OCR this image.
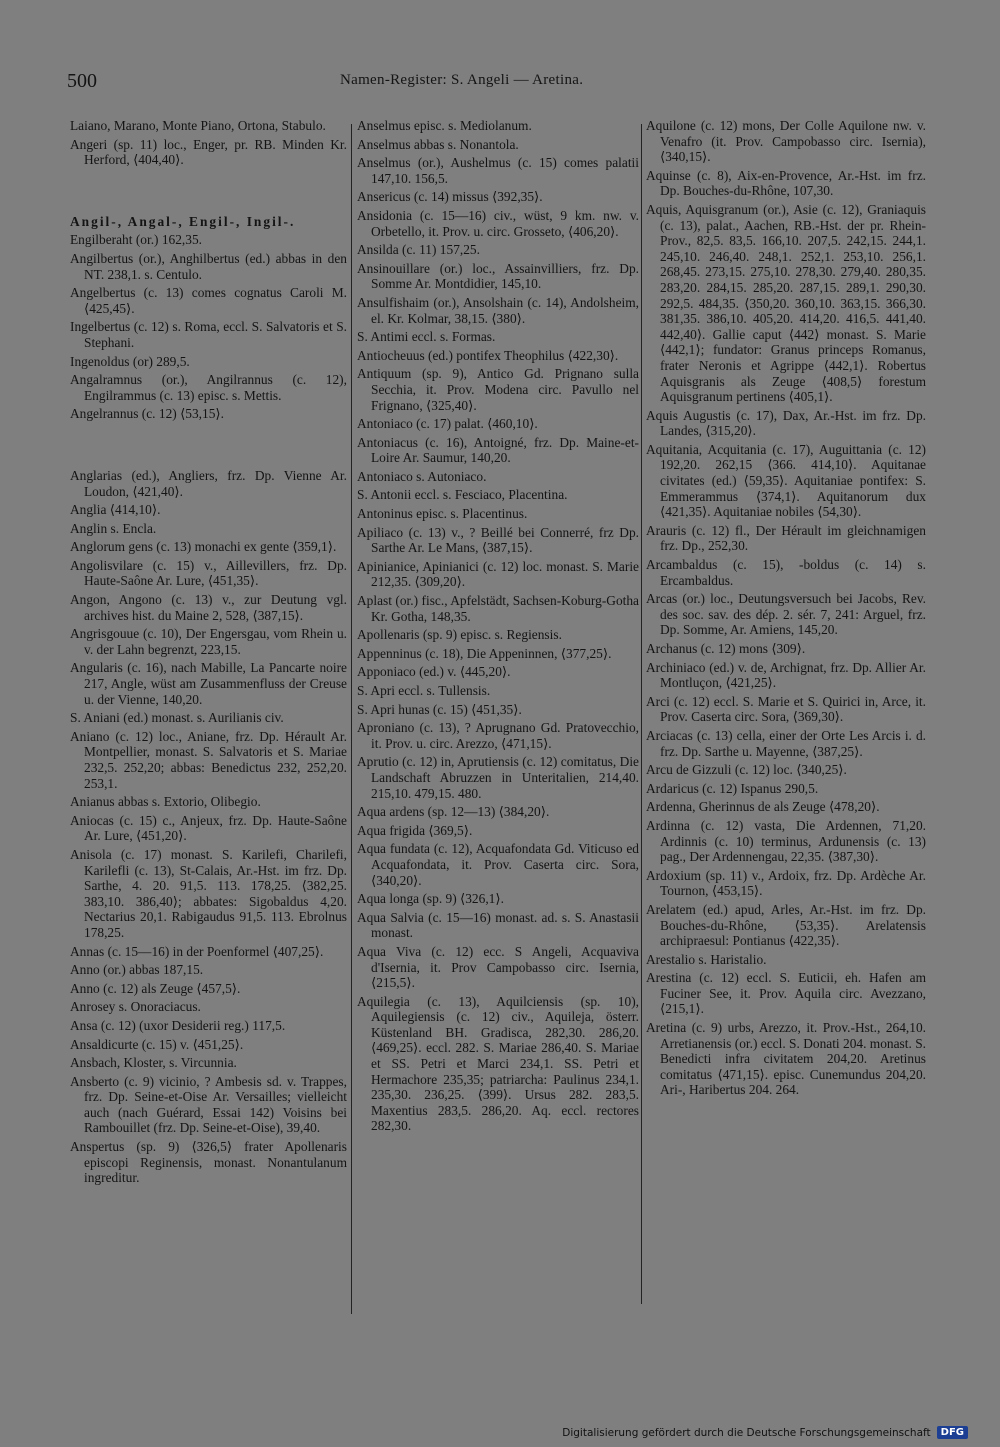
500	Namen-Register: S. Angeli — Aretina.

Laiano, Marano, Monte Piano, Ortona, Stabulo.

Angeri (sp. 11) loc., Enger, pr. RB. Minden Kr. Herford, ⟨404,40⟩.

Angil-, Angal-, Engil-, Ingil-.

Engilberaht (or.) 162,35.

Angilbertus (or.), Anghilbertus (ed.) abbas in den NT. 238,1. s. Centulo.

Angelbertus (c. 13) comes cognatus Caroli M. ⟨425,45⟩.

Ingelbertus (c. 12) s. Roma, eccl. S. Salvatoris et S. Stephani.

Ingenoldus (or) 289,5.

Angalramnus (or.), Angilrannus (c. 12), Engilrammus (c. 13) episc. s. Mettis.

Angelrannus (c. 12) ⟨53,15⟩.

Anglarias (ed.), Angliers, frz. Dp. Vienne Ar. Loudon, ⟨421,40⟩.

Anglia ⟨414,10⟩.

Anglin s. Encla.

Anglorum gens (c. 13) monachi ex gente ⟨359,1⟩.

Angolisvilare (c. 15) v., Aillevillers, frz. Dp. Haute-Saône Ar. Lure, ⟨451,35⟩.

Angon, Angono (c. 13) v., zur Deutung vgl. archives hist. du Maine 2, 528, ⟨387,15⟩.

Angrisgouue (c. 10), Der Engersgau, vom Rhein u. v. der Lahn begrenzt, 223,15.

Angularis (c. 16), nach Mabille, La Pancarte noire 217, Angle, wüst am Zusammenfluss der Creuse u. der Vienne, 140,20.

S. Aniani (ed.) monast. s. Aurilianis civ.

Aniano (c. 12) loc., Aniane, frz. Dp. Hérault Ar. Montpellier, monast. S. Salvatoris et S. Mariae 232,5. 252,20; abbas: Benedictus 232, 252,20. 253,1.

Anianus abbas s. Extorio, Olibegio.

Aniocas (c. 15) c., Anjeux, frz. Dp. Haute-Saône Ar. Lure, ⟨451,20⟩.

Anisola (c. 17) monast. S. Karilefi, Charilefi, Karilefli (c. 13), St-Calais, Ar.-Hst. im frz. Dp. Sarthe, 4. 20. 91,5. 113. 178,25. ⟨382,25. 383,10. 386,40⟩; abbates: Sigobaldus 4,20. Nectarius 20,1. Rabigaudus 91,5. 113. Ebrolnus 178,25.

Annas (c. 15—16) in der Poenformel ⟨407,25⟩.

Anno (or.) abbas 187,15.

Anno (c. 12) als Zeuge ⟨457,5⟩.

Anrosey s. Onoraciacus.

Ansa (c. 12) (uxor Desiderii reg.) 117,5.

Ansaldicurte (c. 15) v. ⟨451,25⟩.

Ansbach, Kloster, s. Vircunnia.

Ansberto (c. 9) vicinio, ? Ambesis sd. v. Trappes, frz. Dp. Seine-et-Oise Ar. Versailles; vielleicht auch (nach Guérard, Essai 142) Voisins bei Rambouillet (frz. Dp. Seine-et-Oise), 39,40.

Anspertus (sp. 9) ⟨326,5⟩ frater Apollenaris episcopi Reginensis, monast. Nonantulanum ingreditur.

Anselmus episc. s. Mediolanum.

Anselmus abbas s. Nonantola.

Anselmus (or.), Aushelmus (c. 15) comes palatii 147,10. 156,5.

Ansericus (c. 14) missus ⟨392,35⟩.

Ansidonia (c. 15—16) civ., wüst, 9 km. nw. v. Orbetello, it. Prov. u. circ. Grosseto, ⟨406,20⟩.

Ansilda (c. 11) 157,25.

Ansinouillare (or.) loc., Assainvilliers, frz. Dp. Somme Ar. Montdidier, 145,10.

Ansulfishaim (or.), Ansolshain (c. 14), Andolsheim, el. Kr. Kolmar, 38,15. ⟨380⟩.

S. Antimi eccl. s. Formas.

Antiocheuus (ed.) pontifex Theophilus ⟨422,30⟩.

Antiquum (sp. 9), Antico Gd. Prignano sulla Secchia, it. Prov. Modena circ. Pavullo nel Frignano, ⟨325,40⟩.

Antoniaco (c. 17) palat. ⟨460,10⟩.

Antoniacus (c. 16), Antoigné, frz. Dp. Maine-et-Loire Ar. Saumur, 140,20.

Antoniaco s. Autoniaco.

S. Antonii eccl. s. Fesciaco, Placentina.

Antoninus episc. s. Placentinus.

Apiliaco (c. 13) v., ? Beillé bei Connerré, frz Dp. Sarthe Ar. Le Mans, ⟨387,15⟩.

Apinianice, Apinianici (c. 12) loc. monast. S. Marie 212,35. ⟨309,20⟩.

Aplast (or.) fisc., Apfelstädt, Sachsen-Koburg-Gotha Kr. Gotha, 148,35.

Apollenaris (sp. 9) episc. s. Regiensis.

Appenninus (c. 18), Die Appeninnen, ⟨377,25⟩.

Apponiaco (ed.) v. ⟨445,20⟩.

S. Apri eccl. s. Tullensis.

S. Apri hunas (c. 15) ⟨451,35⟩.

Aproniano (c. 13), ? Aprugnano Gd. Pratovecchio, it. Prov. u. circ. Arezzo, ⟨471,15⟩.

Aprutio (c. 12) in, Aprutiensis (c. 12) comitatus, Die Landschaft Abruzzen in Unteritalien, 214,40. 215,10. 479,15. 480.

Aqua ardens (sp. 12—13) ⟨384,20⟩.

Aqua frigida ⟨369,5⟩.

Aqua fundata (c. 12), Acquafondata Gd. Viticuso ed Acquafondata, it. Prov. Caserta circ. Sora, ⟨340,20⟩.

Aqua longa (sp. 9) ⟨326,1⟩.

Aqua Salvia (c. 15—16) monast. ad. s. S. Anastasii monast.

Aqua Viva (c. 12) ecc. S Angeli, Acquaviva d'Isernia, it. Prov Campobasso circ. Isernia, ⟨215,5⟩.

Aquilegia (c. 13), Aquilciensis (sp. 10), Aquilegiensis (c. 12) civ., Aquileja, österr. Küstenland BH. Gradisca, 282,30. 286,20. ⟨469,25⟩. eccl. 282. S. Mariae 286,40. S. Mariae et SS. Petri et Marci 234,1. SS. Petri et Hermachore 235,35; patriarcha: Paulinus 234,1. 235,30. 236,25. ⟨399⟩. Ursus 282. 283,5. Maxentius 283,5. 286,20. Aq. eccl. rectores 282,30.

Aquilone (c. 12) mons, Der Colle Aquilone nw. v. Venafro (it. Prov. Campobasso circ. Isernia), ⟨340,15⟩.

Aquinse (c. 8), Aix-en-Provence, Ar.-Hst. im frz. Dp. Bouches-du-Rhône, 107,30.

Aquis, Aquisgranum (or.), Asie (c. 12), Graniaquis (c. 13), palat., Aachen, RB.-Hst. der pr. Rhein-Prov., 82,5. 83,5. 166,10. 207,5. 242,15. 244,1. 245,10. 246,40. 248,1. 252,1. 253,10. 256,1. 268,45. 273,15. 275,10. 278,30. 279,40. 280,35. 283,20. 284,15. 285,20. 287,15. 289,1. 290,30. 292,5. 484,35. ⟨350,20. 360,10. 363,15. 366,30. 381,35. 386,10. 405,20. 414,20. 416,5. 441,40. 442,40⟩. Gallie caput ⟨442⟩ monast. S. Marie ⟨442,1⟩; fundator: Granus princeps Romanus, frater Neronis et Agrippe ⟨442,1⟩. Robertus Aquisgranis als Zeuge ⟨408,5⟩ forestum Aquisgranum pertinens ⟨405,1⟩.

Aquis Augustis (c. 17), Dax, Ar.-Hst. im frz. Dp. Landes, ⟨315,20⟩.

Aquitania, Acquitania (c. 17), Auguittania (c. 12) 192,20. 262,15 ⟨366. 414,10⟩. Aquitanae civitates (ed.) ⟨59,35⟩. Aquitaniae pontifex: S. Emmerammus ⟨374,1⟩. Aquitanorum dux ⟨421,35⟩. Aquitaniae nobiles ⟨54,30⟩.

Arauris (c. 12) fl., Der Hérault im gleichnamigen frz. Dp., 252,30.

Arcambaldus (c. 15), -boldus (c. 14) s. Ercambaldus.

Arcas (or.) loc., Deutungsversuch bei Jacobs, Rev. des soc. sav. des dép. 2. sér. 7, 241: Arguel, frz. Dp. Somme, Ar. Amiens, 145,20.

Archanus (c. 12) mons ⟨309⟩.

Archiniaco (ed.) v. de, Archignat, frz. Dp. Allier Ar. Montluçon, ⟨421,25⟩.

Arci (c. 12) eccl. S. Marie et S. Quirici in, Arce, it. Prov. Caserta circ. Sora, ⟨369,30⟩.

Arciacas (c. 13) cella, einer der Orte Les Arcis i. d. frz. Dp. Sarthe u. Mayenne, ⟨387,25⟩.

Arcu de Gizzuli (c. 12) loc. ⟨340,25⟩.

Ardaricus (c. 12) Ispanus 290,5.

Ardenna, Gherinnus de als Zeuge ⟨478,20⟩.

Ardinna (c. 12) vasta, Die Ardennen, 71,20. Ardinnis (c. 10) terminus, Ardunensis (c. 13) pag., Der Ardennengau, 22,35. ⟨387,30⟩.

Ardoxium (sp. 11) v., Ardoix, frz. Dp. Ardèche Ar. Tournon, ⟨453,15⟩.

Arelatem (ed.) apud, Arles, Ar.-Hst. im frz. Dp. Bouches-du-Rhône, ⟨53,35⟩. Arelatensis archipraesul: Pontianus ⟨422,35⟩.

Arestalio s. Haristalio.

Arestina (c. 12) eccl. S. Euticii, eh. Hafen am Fuciner See, it. Prov. Aquila circ. Avezzano, ⟨215,1⟩.

Aretina (c. 9) urbs, Arezzo, it. Prov.-Hst., 264,10. Arretianensis (or.) eccl. S. Donati 204. monast. S. Benedicti infra civitatem 204,20. Aretinus comitatus ⟨471,15⟩. episc. Cunemundus 204,20. Ari-, Haribertus 204. 264.

Digitalisierung gefördert durch die Deutsche Forschungsgemeinschaft	DFG
